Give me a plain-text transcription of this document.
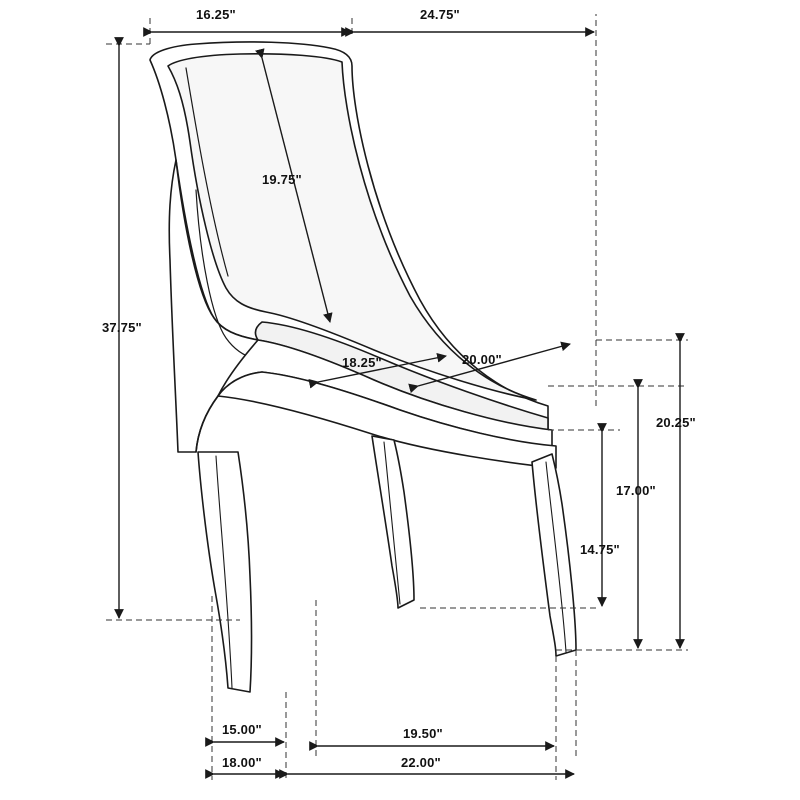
16.25"	24.75"
19.75"
37.75"
18.25"	20.00"
20.25"
17.00"
14.75"
15.00"	19.50"
18.00"	22.00"
